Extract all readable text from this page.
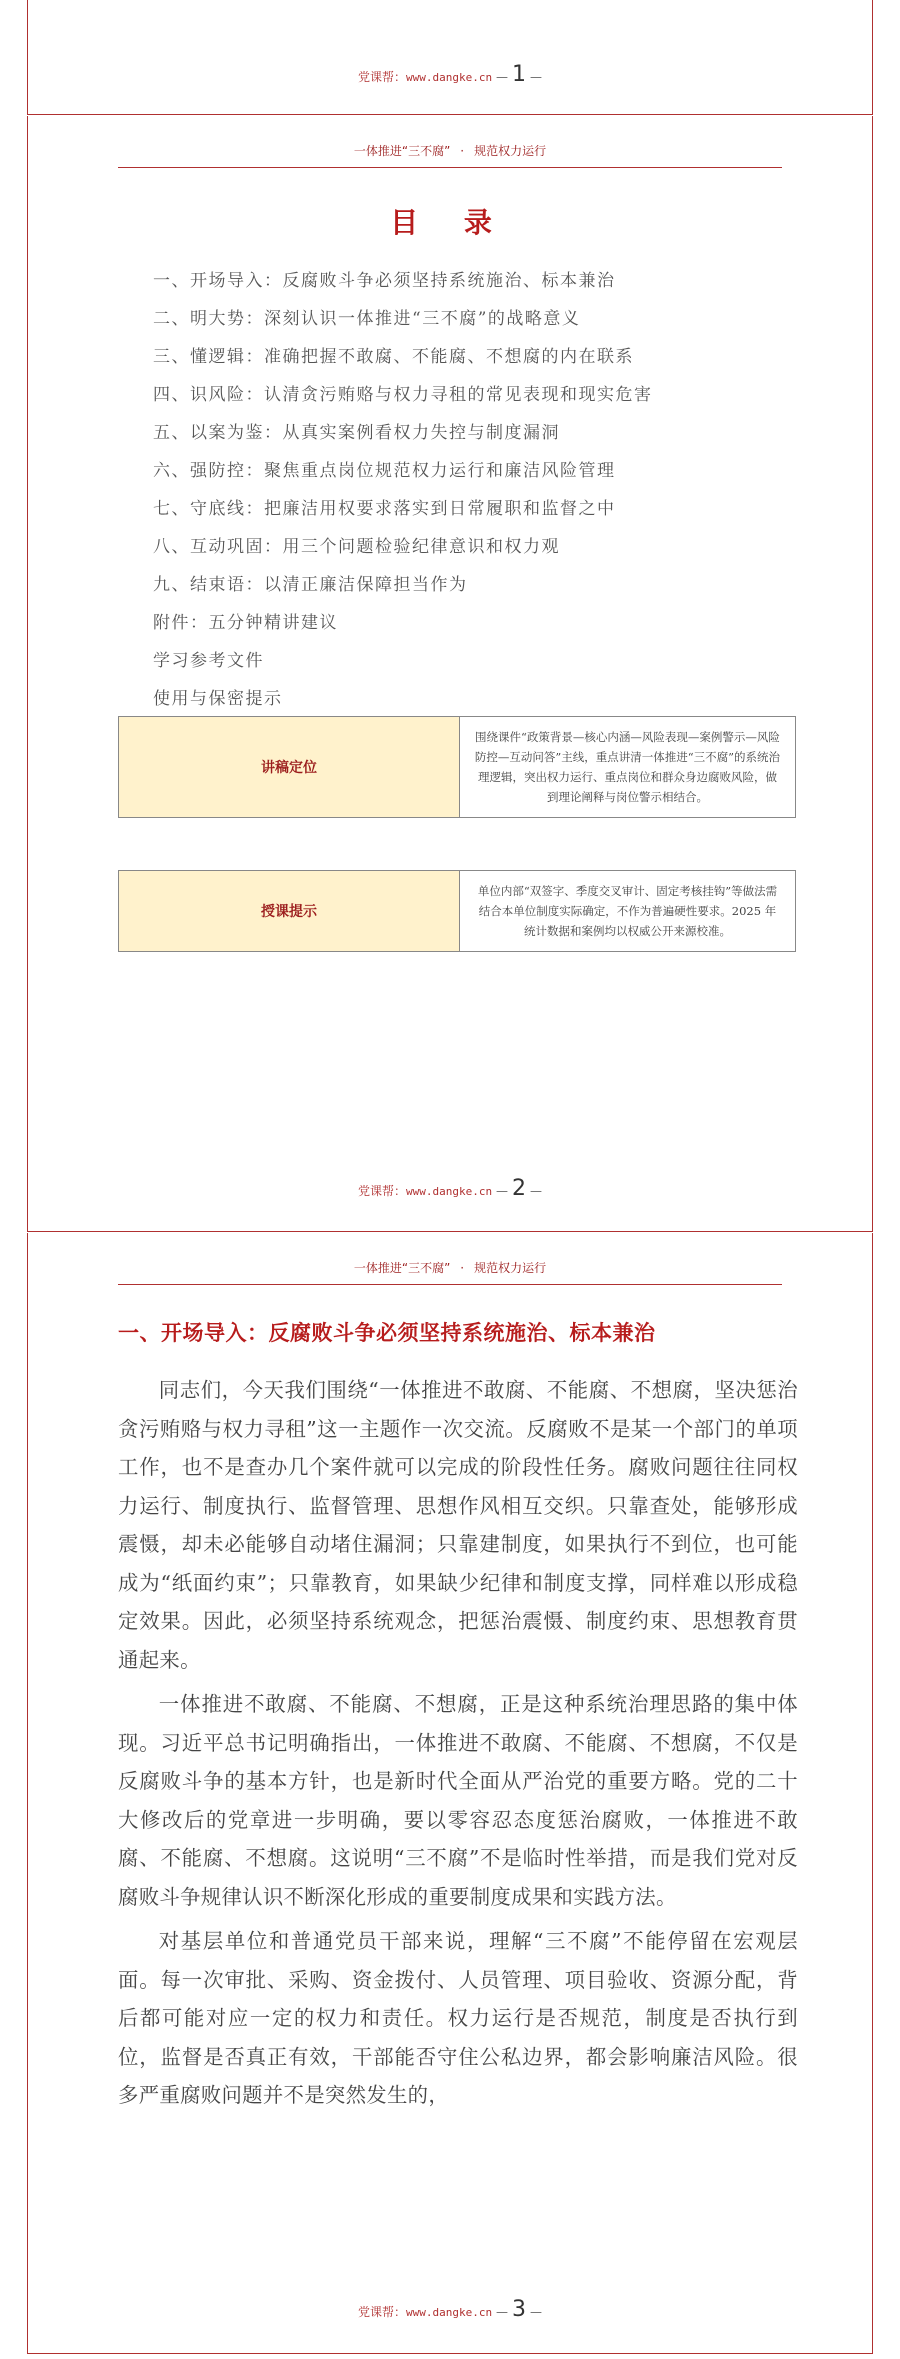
党课帮：www.dangke.cn — 1 —
一体推进“三不腐” · 规范权力运行
目 录
一、开场导入：反腐败斗争必须坚持系统施治、标本兼治
二、明大势：深刻认识一体推进“三不腐”的战略意义
三、懂逻辑：准确把握不敢腐、不能腐、不想腐的内在联系
四、识风险：认清贪污贿赂与权力寻租的常见表现和现实危害
五、以案为鉴：从真实案例看权力失控与制度漏洞
六、强防控：聚焦重点岗位规范权力运行和廉洁风险管理
七、守底线：把廉洁用权要求落实到日常履职和监督之中
八、互动巩固：用三个问题检验纪律意识和权力观
九、结束语：以清正廉洁保障担当作为
附件：五分钟精讲建议
学习参考文件
使用与保密提示
讲稿定位
围绕课件“政策背景—核心内涵—风险表现—案例警示—风险防控—互动问答”主线，重点讲清一体推进“三不腐”的系统治理逻辑，突出权力运行、重点岗位和群众身边腐败风险，做到理论阐释与岗位警示相结合。
授课提示
单位内部“双签字、季度交叉审计、固定考核挂钩”等做法需结合本单位制度实际确定，不作为普遍硬性要求。2025 年统计数据和案例均以权威公开来源校准。
党课帮：www.dangke.cn — 2 —
一体推进“三不腐” · 规范权力运行
一、开场导入：反腐败斗争必须坚持系统施治、标本兼治

同志们，今天我们围绕“一体推进不敢腐、不能腐、不想腐，坚决惩治贪污贿赂与权力寻租”这一主题作一次交流。反腐败不是某一个部门的单项工作，也不是查办几个案件就可以完成的阶段性任务。腐败问题往往同权力运行、制度执行、监督管理、思想作风相互交织。只靠查处，能够形成震慑，却未必能够自动堵住漏洞；只靠建制度，如果执行不到位，也可能成为“纸面约束”；只靠教育，如果缺少纪律和制度支撑，同样难以形成稳定效果。因此，必须坚持系统观念，把惩治震慑、制度约束、思想教育贯通起来。

一体推进不敢腐、不能腐、不想腐，正是这种系统治理思路的集中体现。习近平总书记明确指出，一体推进不敢腐、不能腐、不想腐，不仅是反腐败斗争的基本方针，也是新时代全面从严治党的重要方略。党的二十大修改后的党章进一步明确，要以零容忍态度惩治腐败，一体推进不敢腐、不能腐、不想腐。这说明“三不腐”不是临时性举措，而是我们党对反腐败斗争规律认识不断深化形成的重要制度成果和实践方法。

对基层单位和普通党员干部来说，理解“三不腐”不能停留在宏观层面。每一次审批、采购、资金拨付、人员管理、项目验收、资源分配，背后都可能对应一定的权力和责任。权力运行是否规范，制度是否执行到位，监督是否真正有效，干部能否守住公私边界，都会影响廉洁风险。很多严重腐败问题并不是突然发生的，

党课帮：www.dangke.cn — 3 —
